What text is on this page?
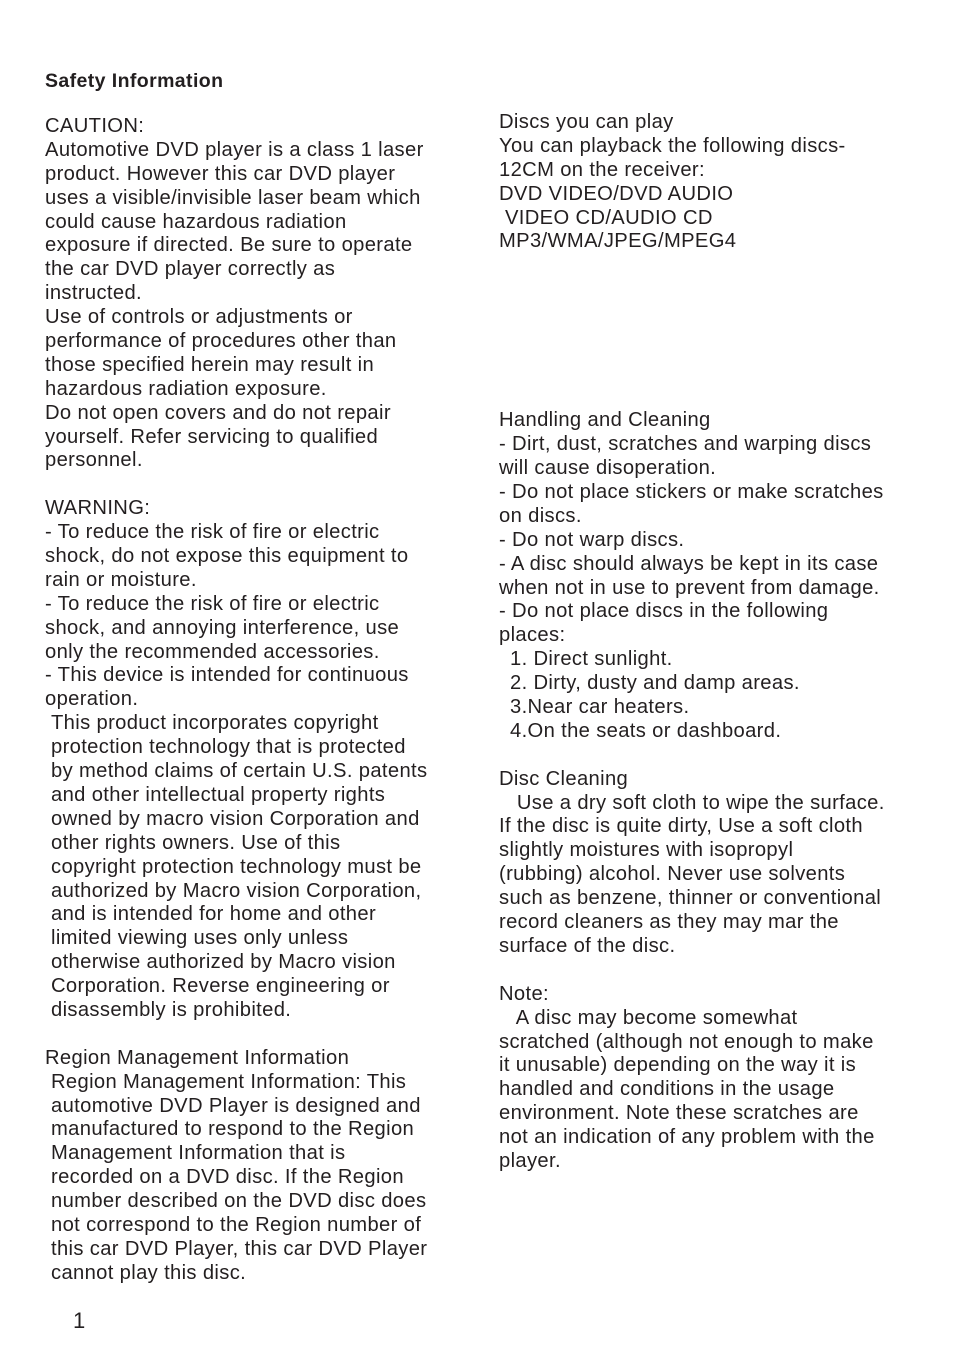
Safety Information
CAUTION:
Automotive DVD player is a class 1 laser
product. However this car DVD player
uses a visible/invisible laser beam which
could cause hazardous radiation
exposure if directed. Be sure to operate
the car DVD player correctly as
instructed.
Use of controls or adjustments or
performance of procedures other than
those specified herein may result in
hazardous radiation exposure.
Do not open covers and do not repair
yourself. Refer servicing to qualified
personnel.
WARNING:
- To reduce the risk of fire or electric
shock, do not expose this equipment to
rain or moisture.
- To reduce the risk of fire or electric
shock, and annoying interference, use
only the recommended accessories.
- This device is intended for continuous
operation.
This product incorporates copyright
protection technology that is protected
by method claims of certain U.S. patents
and other intellectual property rights
owned by macro vision Corporation and
other rights owners. Use of this
copyright protection technology must be
authorized by Macro vision Corporation,
and is intended for home and other
limited viewing uses only unless
otherwise authorized by Macro vision
Corporation. Reverse engineering or
disassembly is prohibited.
Region Management Information
Region Management Information: This
automotive DVD Player is designed and
manufactured to respond to the Region
Management Information that is
recorded on a DVD disc. If the Region
number described on the DVD disc does
not correspond to the Region number of
this car DVD Player, this car DVD Player
cannot play this disc.
Discs you can play
You can playback the following discs-
12CM on the receiver:
DVD VIDEO/DVD AUDIO
VIDEO CD/AUDIO CD
MP3/WMA/JPEG/MPEG4
Handling and Cleaning
- Dirt, dust, scratches and warping discs
will cause disoperation.
- Do not place stickers or make scratches
on discs.
- Do not warp discs.
- A disc should always be kept in its case
when not in use to prevent from damage.
- Do not place discs in the following
places:
1. Direct sunlight.
2. Dirty, dusty and damp areas.
3.Near car heaters.
4.On the seats or dashboard.
Disc Cleaning
Use a dry soft cloth to wipe the surface.
If the disc is quite dirty, Use a soft cloth
slightly moistures with isopropyl
(rubbing) alcohol. Never use solvents
such as benzene, thinner or conventional
record cleaners as they may mar the
surface of the disc.
Note:
A disc may become somewhat
scratched (although not enough to make
it unusable) depending on the way it is
handled and conditions in the usage
environment. Note these scratches are
not an indication of any problem with the
player.
1
